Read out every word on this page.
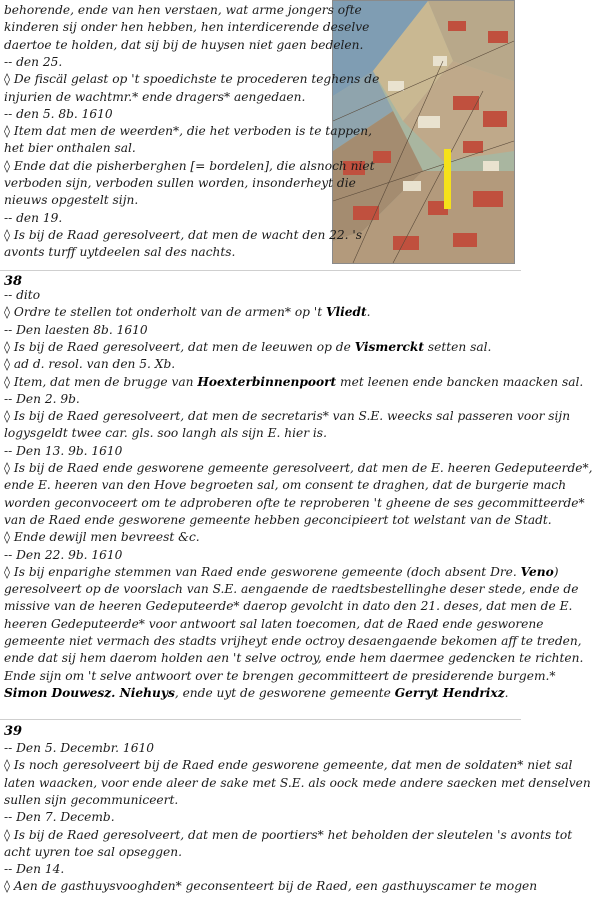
behorende, ende van hen verstaen, wat arme jongers ofte
kinderen sij onder hen hebben, hen interdicerende deselve
daertoe te holden, dat sij bij de huysen niet gaen bedelen.
-- den 25.
◊ De fiscäl gelast op 't spoedichste te procederen teghens de
injurien de wachtmr.* ende dragers* aengedaen.
-- den 5. 8b. 1610
◊ Item dat men de weerden*, die het verboden is te tappen,
het bier onthalen sal.
◊ Ende dat die pisherberghen [= bordelen], die alsnoch niet
verboden sijn, verboden sullen worden, insonderheyt die
nieuws opgestelt sijn.
-- den 19.
◊ Is bij de Raad geresolveert, dat men de wacht den 22. 's
avonts turff uytdeelen sal des nachts.
38
-- dito
◊ Ordre te stellen tot onderholt van de armen* op 't Vliedt.
-- Den laesten 8b. 1610
◊ Is bij de Raed geresolveert, dat men de leeuwen op de Vismerckt setten sal.
◊ ad d. resol. van den 5. Xb.
◊ Item, dat men de brugge van Hoexterbinnenpoort met leenen ende bancken maacken sal.
-- Den 2. 9b.
◊ Is bij de Raed geresolveert, dat men de secretaris* van S.E. weecks sal passeren voor sijn
logysgeldt twee car. gls. soo langh als sijn E. hier is.
-- Den 13. 9b. 1610
◊ Is bij de Raed ende gesworene gemeente geresolveert, dat men de E. heeren Gedeputeerde*,
ende E. heeren van den Hove begroeten sal, om consent te draghen, dat de burgerie mach
worden geconvoceert om te adproberen ofte te reproberen 't gheene de ses gecommitteerde*
van de Raed ende gesworene gemeente hebben geconcipieert tot welstant van de Stadt.
◊ Ende dewijl men bevreest &c.
-- Den 22. 9b. 1610
◊ Is bij enparighe stemmen van Raed ende gesworene gemeente (doch absent Dre. Veno)
geresolveert op de voorslach van S.E. aengaende de raedtsbestellinghe deser stede, ende de
missive van de heeren Gedeputeerde* daerop gevolcht in dato den 21. deses, dat men de E.
heeren Gedeputeerde* voor antwoort sal laten toecomen, dat de Raed ende gesworene
gemeente niet vermach des stadts vrijheyt ende octroy desaengaende bekomen aff te treden,
ende dat sij hem daerom holden aen 't selve octroy, ende hem daermee gedencken te richten.
Ende sijn om 't selve antwoort over te brengen gecommitteert de presiderende burgem.*
Simon Douwesz. Niehuys, ende uyt de gesworene gemeente Gerryt Hendrixz.
39
-- Den 5. Decembr. 1610
◊ Is noch geresolveert bij de Raed ende gesworene gemeente, dat men de soldaten* niet sal
laten waacken, voor ende aleer de sake met S.E. als oock mede andere saecken met denselven
sullen sijn gecommuniceert.
-- Den 7. Decemb.
◊ Is bij de Raed geresolveert, dat men de poortiers* het beholden der sleutelen 's avonts tot
acht uyren toe sal opseggen.
-- Den 14.
◊ Aen de gasthuysvooghden* geconsenteert bij de Raed, een gasthuyscamer te mogen
